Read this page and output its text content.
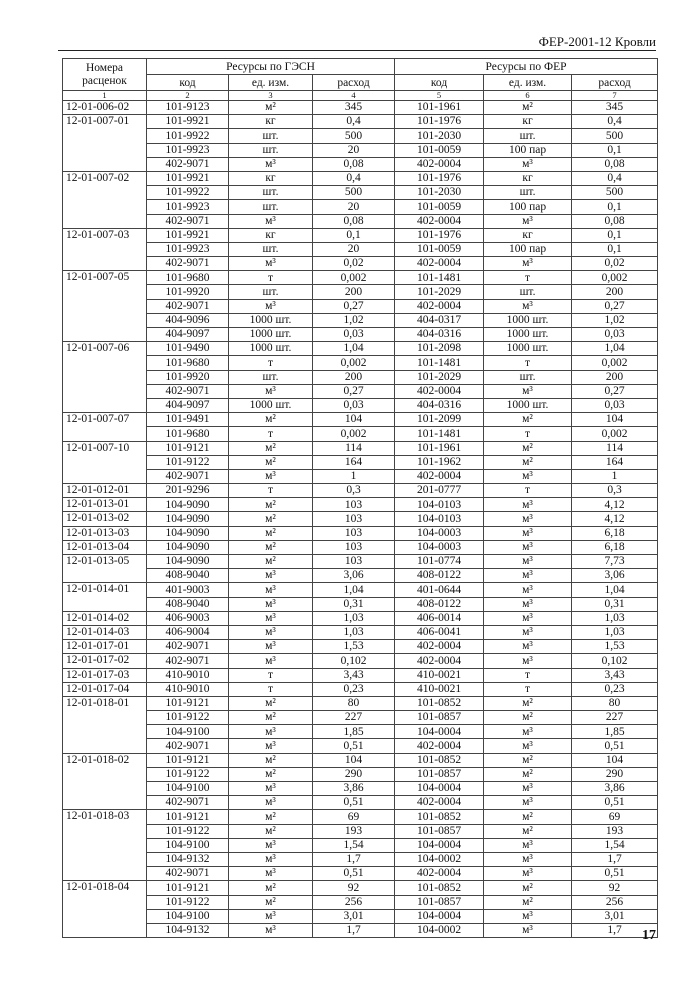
ФЕР-2001-12 Кровли
Номера расценок	Ресурсы по ГЭСН			Ресурсы по ФЕР		
	код	ед. изм.	расход	код	ед. изм.	расход
1	2	3	4	5	6	7
12-01-006-02	101-9123	м²	345	101-1961	м²	345
12-01-007-01	101-9921	кг	0,4	101-1976	кг	0,4
	101-9922	шт.	500	101-2030	шт.	500
	101-9923	шт.	20	101-0059	100 пар	0,1
	402-9071	м³	0,08	402-0004	м³	0,08
12-01-007-02	101-9921	кг	0,4	101-1976	кг	0,4
	101-9922	шт.	500	101-2030	шт.	500
	101-9923	шт.	20	101-0059	100 пар	0,1
	402-9071	м³	0,08	402-0004	м³	0,08
12-01-007-03	101-9921	кг	0,1	101-1976	кг	0,1
	101-9923	шт.	20	101-0059	100 пар	0,1
	402-9071	м³	0,02	402-0004	м³	0,02
12-01-007-05	101-9680	т	0,002	101-1481	т	0,002
	101-9920	шт.	200	101-2029	шт.	200
	402-9071	м³	0,27	402-0004	м³	0,27
	404-9096	1000 шт.	1,02	404-0317	1000 шт.	1,02
	404-9097	1000 шт.	0,03	404-0316	1000 шт.	0,03
12-01-007-06	101-9490	1000 шт.	1,04	101-2098	1000 шт.	1,04
	101-9680	т	0,002	101-1481	т	0,002
	101-9920	шт.	200	101-2029	шт.	200
	402-9071	м³	0,27	402-0004	м³	0,27
	404-9097	1000 шт.	0,03	404-0316	1000 шт.	0,03
12-01-007-07	101-9491	м²	104	101-2099	м²	104
	101-9680	т	0,002	101-1481	т	0,002
12-01-007-10	101-9121	м²	114	101-1961	м²	114
	101-9122	м²	164	101-1962	м²	164
	402-9071	м³	1	402-0004	м³	1
12-01-012-01	201-9296	т	0,3	201-0777	т	0,3
12-01-013-01	104-9090	м²	103	104-0103	м³	4,12
12-01-013-02	104-9090	м²	103	104-0103	м³	4,12
12-01-013-03	104-9090	м²	103	104-0003	м³	6,18
12-01-013-04	104-9090	м²	103	104-0003	м³	6,18
12-01-013-05	104-9090	м²	103	101-0774	м³	7,73
	408-9040	м³	3,06	408-0122	м³	3,06
12-01-014-01	401-9003	м³	1,04	401-0644	м³	1,04
	408-9040	м³	0,31	408-0122	м³	0,31
12-01-014-02	406-9003	м³	1,03	406-0014	м³	1,03
12-01-014-03	406-9004	м³	1,03	406-0041	м³	1,03
12-01-017-01	402-9071	м³	1,53	402-0004	м³	1,53
12-01-017-02	402-9071	м³	0,102	402-0004	м³	0,102
12-01-017-03	410-9010	т	3,43	410-0021	т	3,43
12-01-017-04	410-9010	т	0,23	410-0021	т	0,23
12-01-018-01	101-9121	м²	80	101-0852	м²	80
	101-9122	м²	227	101-0857	м²	227
	104-9100	м³	1,85	104-0004	м³	1,85
	402-9071	м³	0,51	402-0004	м³	0,51
12-01-018-02	101-9121	м²	104	101-0852	м²	104
	101-9122	м²	290	101-0857	м²	290
	104-9100	м³	3,86	104-0004	м³	3,86
	402-9071	м³	0,51	402-0004	м³	0,51
12-01-018-03	101-9121	м²	69	101-0852	м²	69
	101-9122	м²	193	101-0857	м²	193
	104-9100	м³	1,54	104-0004	м³	1,54
	104-9132	м³	1,7	104-0002	м³	1,7
	402-9071	м³	0,51	402-0004	м³	0,51
12-01-018-04	101-9121	м²	92	101-0852	м²	92
	101-9122	м²	256	101-0857	м²	256
	104-9100	м³	3,01	104-0004	м³	3,01
	104-9132	м³	1,7	104-0002	м³	1,7 17
